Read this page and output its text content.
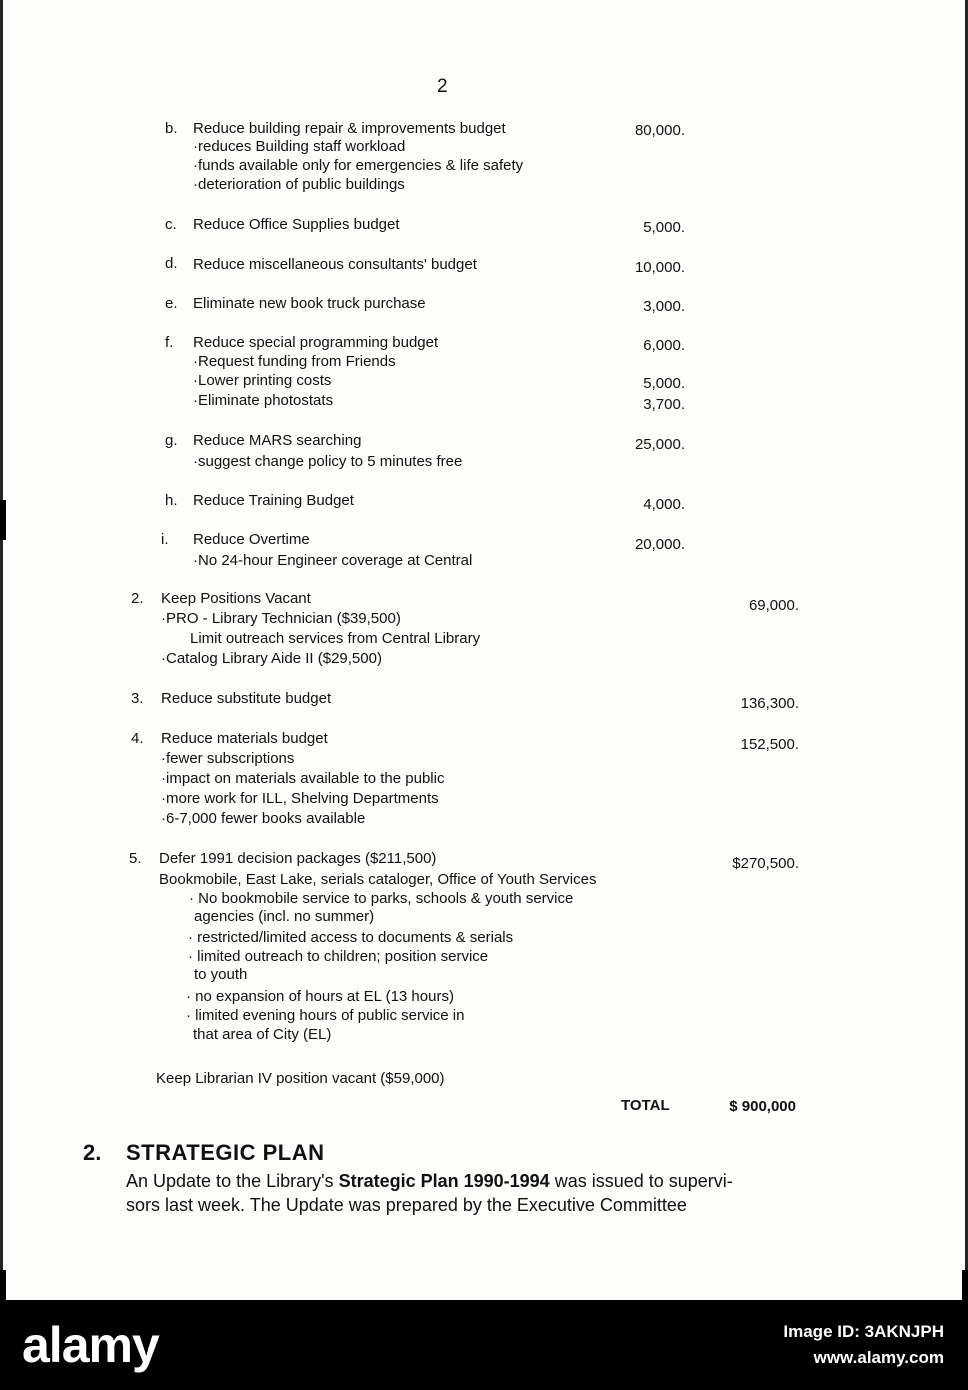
2
b. Reduce building repair & improvements budget	80,000.
·reduces Building staff workload
·funds available only for emergencies & life safety
·deterioration of public buildings
c. Reduce Office Supplies budget	5,000.
d. Reduce miscellaneous consultants' budget	10,000.
e. Eliminate new book truck purchase	3,000.
f. Reduce special programming budget	6,000.
·Request funding from Friends
·Lower printing costs	5,000.
·Eliminate photostats	3,700.
g. Reduce MARS searching	25,000.
·suggest change policy to 5 minutes free
h. Reduce Training Budget	4,000.
i. Reduce Overtime	20,000.
·No 24-hour Engineer coverage at Central
2. Keep Positions Vacant	69,000.
·PRO - Library Technician ($39,500)
Limit outreach services from Central Library
·Catalog Library Aide II ($29,500)
3. Reduce substitute budget	136,300.
4. Reduce materials budget	152,500.
·fewer subscriptions
·impact on materials available to the public
·more work for ILL, Shelving Departments
·6-7,000 fewer books available
5. Defer 1991 decision packages ($211,500)	$270,500.
Bookmobile, East Lake, serials cataloger, Office of Youth Services
· No bookmobile service to parks, schools & youth service
agencies (incl. no summer)
· restricted/limited access to documents & serials
· limited outreach to children; position service
to youth
· no expansion of hours at EL (13 hours)
· limited evening hours of public service in
that area of City (EL)
Keep Librarian IV position vacant ($59,000)
TOTAL	$ 900,000
2. STRATEGIC PLAN
An Update to the Library's Strategic Plan 1990-1994 was issued to supervi-
sors last week. The Update was prepared by the Executive Committee
alamy	Image ID: 3AKNJPH
www.alamy.com
